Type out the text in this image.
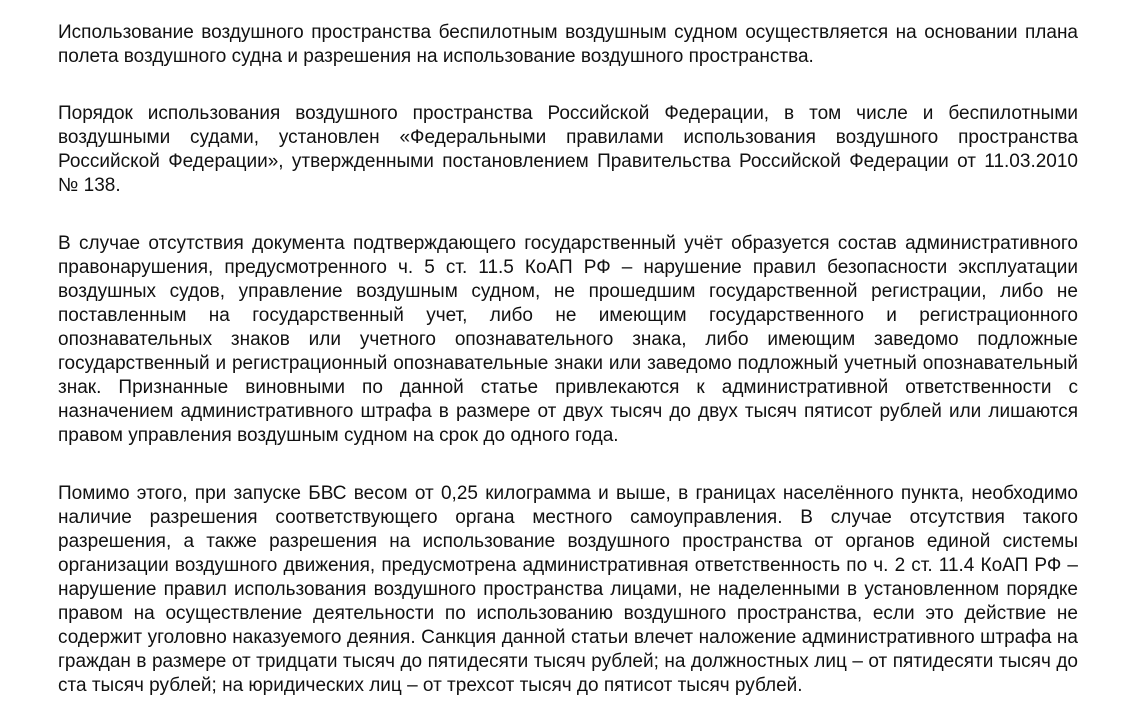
Использование воздушного пространства беспилотным воздушным судном осуществляется на основании плана полета воздушного судна и разрешения на использование воздушного пространства.

Порядок использования воздушного пространства Российской Федерации, в том числе и беспилотными воздушными судами, установлен «Федеральными правилами использования воздушного пространства Российской Федерации», утвержденными постановлением Правительства Российской Федерации от 11.03.2010 № 138.

В случае отсутствия документа подтверждающего государственный учёт образуется состав административного правонарушения, предусмотренного ч. 5 ст. 11.5 КоАП РФ – нарушение правил безопасности эксплуатации воздушных судов, управление воздушным судном, не прошедшим государственной регистрации, либо не поставленным на государственный учет, либо не имеющим государственного и регистрационного опознавательных знаков или учетного опознавательного знака, либо имеющим заведомо подложные государственный и регистрационный опознавательные знаки или заведомо подложный учетный опознавательный знак. Признанные виновными по данной статье привлекаются к административной ответственности с назначением административного штрафа в размере от двух тысяч до двух тысяч пятисот рублей или лишаются правом управления воздушным судном на срок до одного года.

Помимо этого, при запуске БВС весом от 0,25 килограмма и выше, в границах населённого пункта, необходимо наличие разрешения соответствующего органа местного самоуправления. В случае отсутствия такого разрешения, а также разрешения на использование воздушного пространства от органов единой системы организации воздушного движения, предусмотрена административная ответственность по ч. 2 ст. 11.4 КоАП РФ – нарушение правил использования воздушного пространства лицами, не наделенными в установленном порядке правом на осуществление деятельности по использованию воздушного пространства, если это действие не содержит уголовно наказуемого деяния. Санкция данной статьи влечет наложение административного штрафа на граждан в размере от тридцати тысяч до пятидесяти тысяч рублей; на должностных лиц – от пятидесяти тысяч до ста тысяч рублей; на юридических лиц – от трехсот тысяч до пятисот тысяч рублей.
